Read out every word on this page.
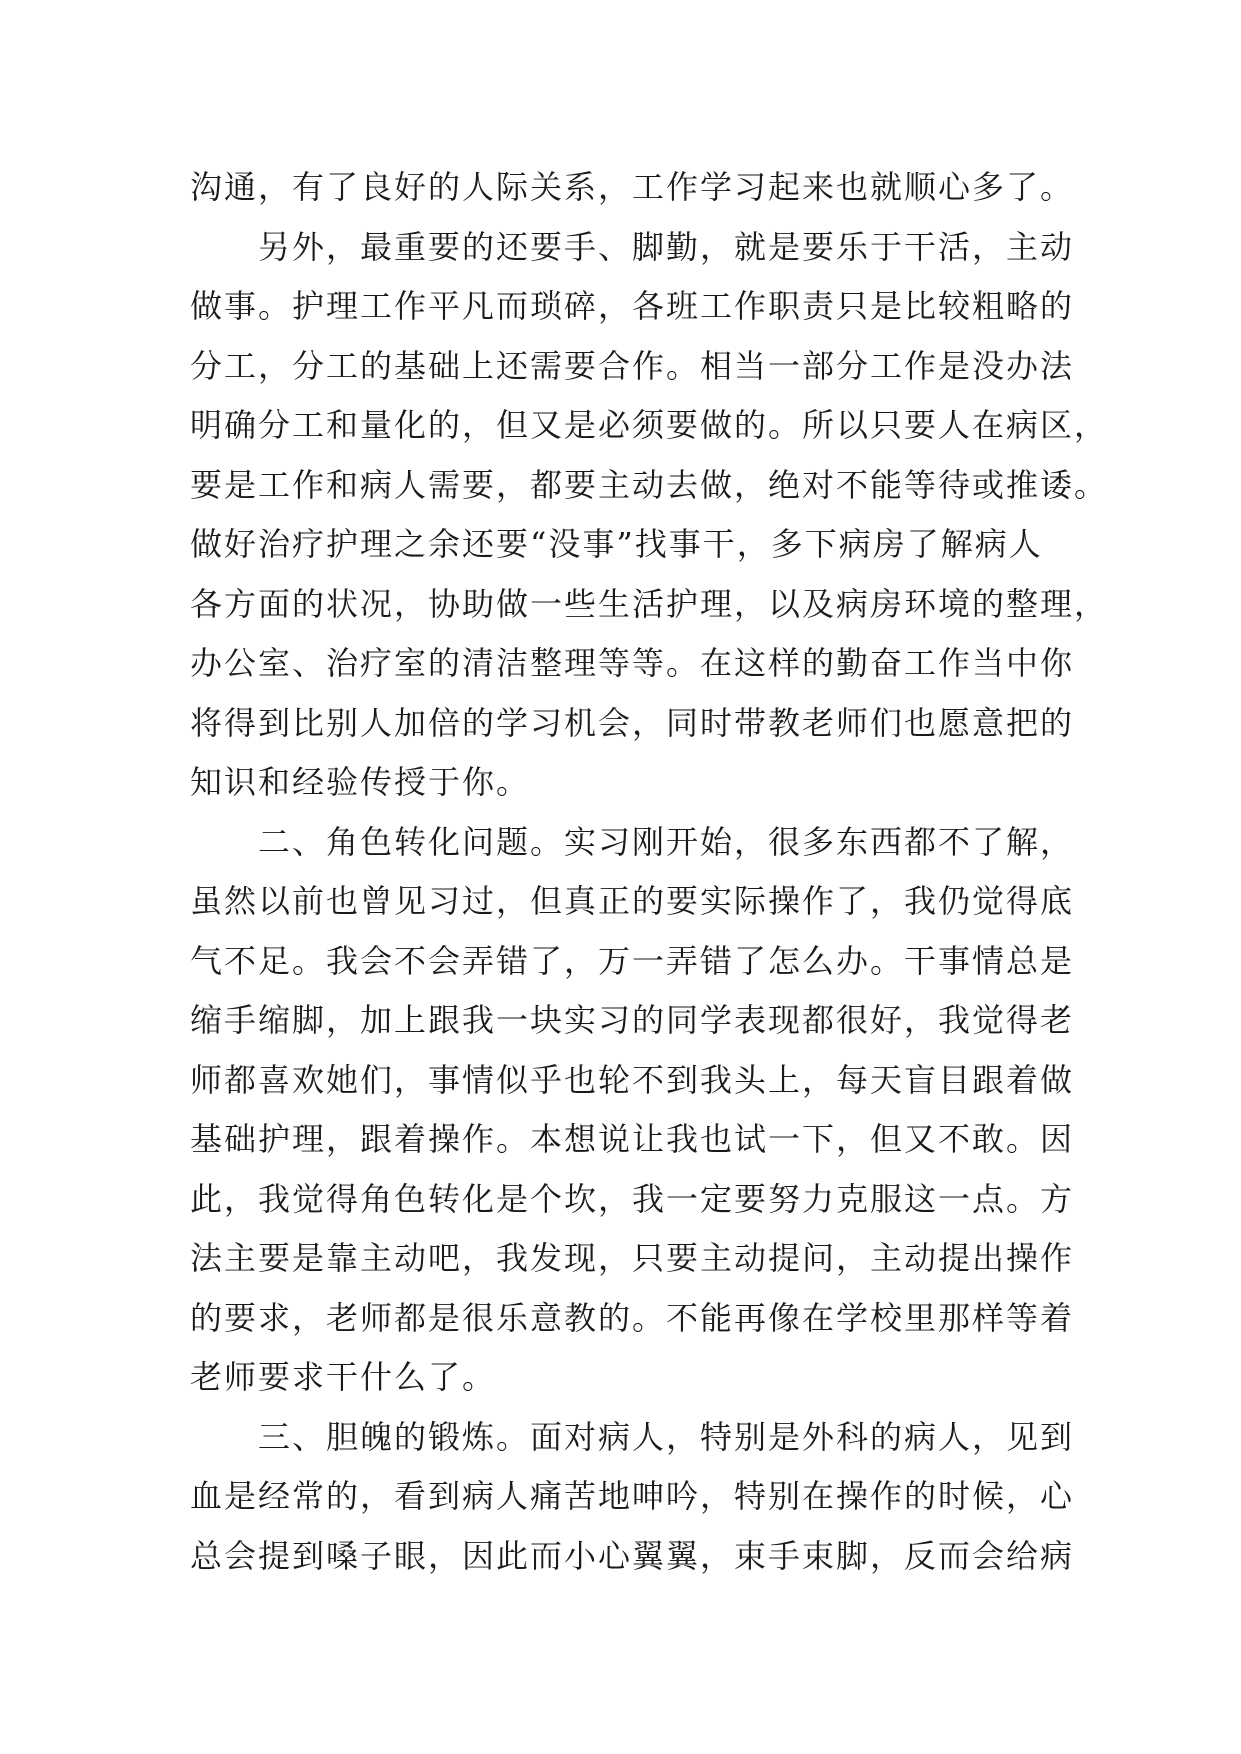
沟通，有了良好的人际关系，工作学习起来也就顺心多了。
　　另外，最重要的还要手、脚勤，就是要乐于干活，主动
做事。护理工作平凡而琐碎，各班工作职责只是比较粗略的
分工，分工的基础上还需要合作。相当一部分工作是没办法
明确分工和量化的，但又是必须要做的。所以只要人在病区，
要是工作和病人需要，都要主动去做，绝对不能等待或推诿。
做好治疗护理之余还要“没事”找事干，多下病房了解病人
各方面的状况，协助做一些生活护理，以及病房环境的整理，
办公室、治疗室的清洁整理等等。在这样的勤奋工作当中你
将得到比别人加倍的学习机会，同时带教老师们也愿意把的
知识和经验传授于你。
　　二、角色转化问题。实习刚开始，很多东西都不了解，
虽然以前也曾见习过，但真正的要实际操作了，我仍觉得底
气不足。我会不会弄错了，万一弄错了怎么办。干事情总是
缩手缩脚，加上跟我一块实习的同学表现都很好，我觉得老
师都喜欢她们，事情似乎也轮不到我头上，每天盲目跟着做
基础护理，跟着操作。本想说让我也试一下，但又不敢。因
此，我觉得角色转化是个坎，我一定要努力克服这一点。方
法主要是靠主动吧，我发现，只要主动提问，主动提出操作
的要求，老师都是很乐意教的。不能再像在学校里那样等着
老师要求干什么了。
　　三、胆魄的锻炼。面对病人，特别是外科的病人，见到
血是经常的，看到病人痛苦地呻吟，特别在操作的时候，心
总会提到嗓子眼，因此而小心翼翼，束手束脚，反而会给病
